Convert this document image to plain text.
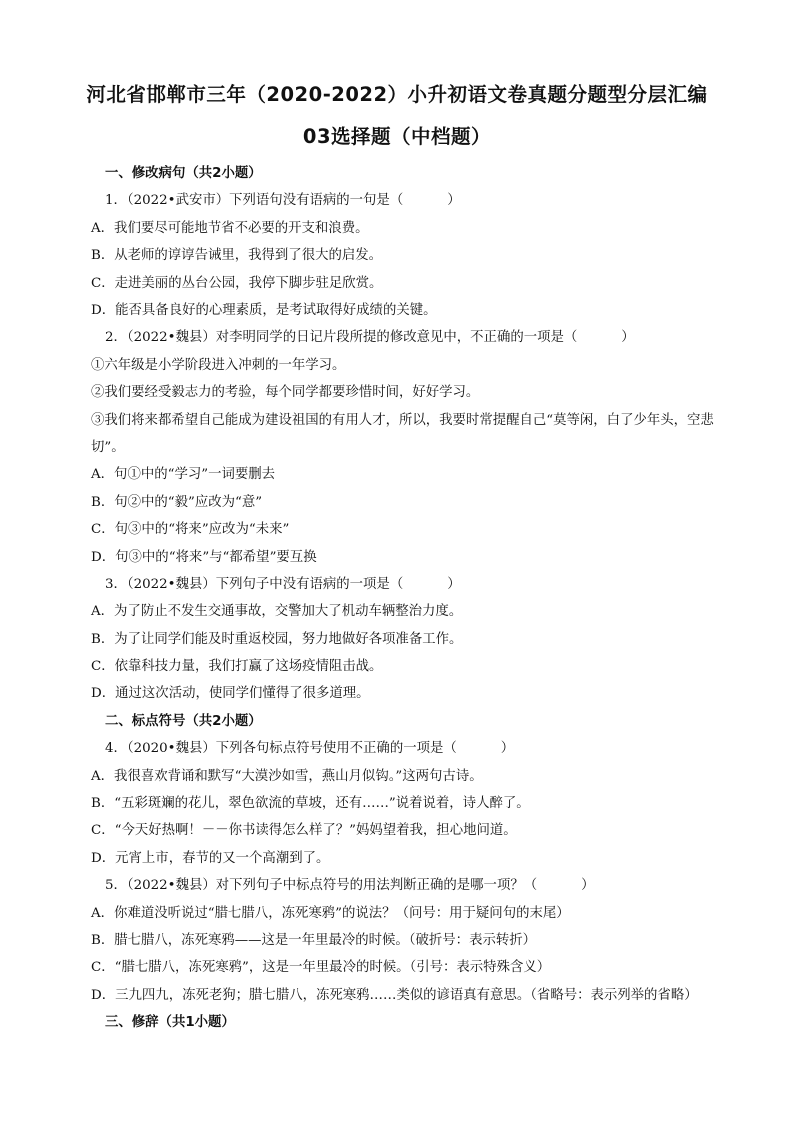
河北省邯郸市三年（2020-2022）小升初语文卷真题分题型分层汇编
03选择题（中档题）
一、修改病句（共2小题）
1．（2022•武安市）下列语句没有语病的一句是（	）
A．我们要尽可能地节省不必要的开支和浪费。
B．从老师的谆谆告诫里，我得到了很大的启发。
C．走进美丽的丛台公园，我停下脚步驻足欣赏。
D．能否具备良好的心理素质，是考试取得好成绩的关键。
2．（2022•魏县）对李明同学的日记片段所提的修改意见中，不正确的一项是（	）
①六年级是小学阶段进入冲刺的一年学习。
②我们要经受毅志力的考验，每个同学都要珍惜时间，好好学习。
③我们将来都希望自己能成为建设祖国的有用人才，所以，我要时常提醒自己“莫等闲，白了少年头，空悲切”。
A．句①中的“学习”一词要删去
B．句②中的“毅”应改为“意”
C．句③中的“将来”应改为“未来”
D．句③中的“将来”与“都希望”要互换
3．（2022•魏县）下列句子中没有语病的一项是（	）
A．为了防止不发生交通事故，交警加大了机动车辆整治力度。
B．为了让同学们能及时重返校园，努力地做好各项准备工作。
C．依靠科技力量，我们打赢了这场疫情阻击战。
D．通过这次活动，使同学们懂得了很多道理。
二、标点符号（共2小题）
4．（2020•魏县）下列各句标点符号使用不正确的一项是（	）
A．我很喜欢背诵和默写“大漠沙如雪，燕山月似钩。”这两句古诗。
B．“五彩斑斓的花儿，翠色欲流的草坡，还有……”说着说着，诗人醉了。
C．“今天好热啊！－－你书读得怎么样了？”妈妈望着我，担心地问道。
D．元宵上市，春节的又一个高潮到了。
5．（2022•魏县）对下列句子中标点符号的用法判断正确的是哪一项？（	）
A．你难道没听说过“腊七腊八，冻死寒鸦”的说法？（问号：用于疑问句的末尾）
B．腊七腊八，冻死寒鸦——这是一年里最冷的时候。（破折号：表示转折）
C．“腊七腊八，冻死寒鸦”，这是一年里最冷的时候。（引号：表示特殊含义）
D．三九四九，冻死老狗；腊七腊八，冻死寒鸦……类似的谚语真有意思。（省略号：表示列举的省略）
三、修辞（共1小题）
